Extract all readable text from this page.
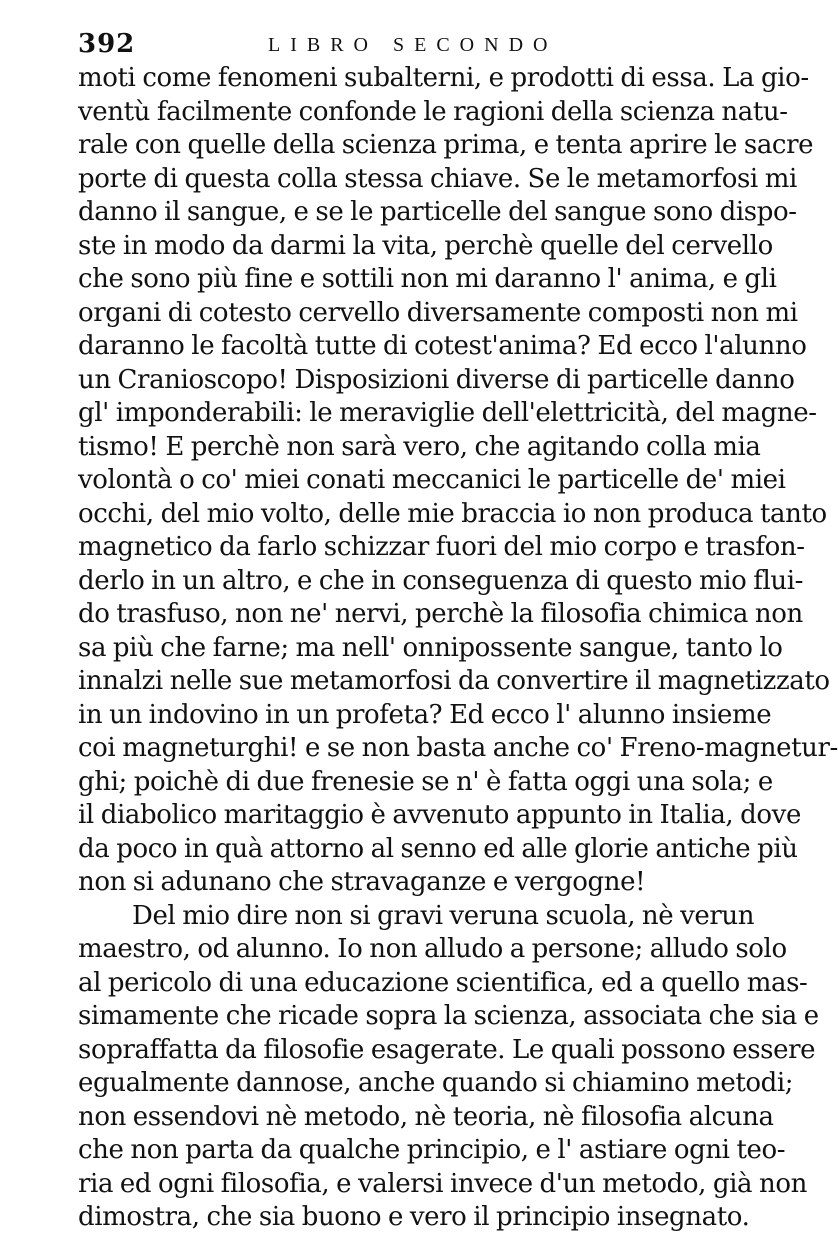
392	LIBRO SECONDO
moti come fenomeni subalterni, e prodotti di essa. La gio-
ventù facilmente confonde le ragioni della scienza natu-
rale con quelle della scienza prima, e tenta aprire le sacre
porte di questa colla stessa chiave. Se le metamorfosi mi
danno il sangue, e se le particelle del sangue sono dispo-
ste in modo da darmi la vita, perchè quelle del cervello
che sono più fine e sottili non mi daranno l' anima, e gli
organi di cotesto cervello diversamente composti non mi
daranno le facoltà tutte di cotest'anima? Ed ecco l'alunno
un Cranioscopo! Disposizioni diverse di particelle danno
gl' imponderabili: le meraviglie dell'elettricità, del magne-
tismo! E perchè non sarà vero, che agitando colla mia
volontà o co' miei conati meccanici le particelle de' miei
occhi, del mio volto, delle mie braccia io non produca tanto
magnetico da farlo schizzar fuori del mio corpo e trasfon-
derlo in un altro, e che in conseguenza di questo mio flui-
do trasfuso, non ne' nervi, perchè la filosofia chimica non
sa più che farne; ma nell' onnipossente sangue, tanto lo
innalzi nelle sue metamorfosi da convertire il magnetizzato
in un indovino in un profeta? Ed ecco l' alunno insieme
coi magneturghi! e se non basta anche co' Freno-magnetur-
ghi; poichè di due frenesie se n' è fatta oggi una sola; e
il diabolico maritaggio è avvenuto appunto in Italia, dove
da poco in quà attorno al senno ed alle glorie antiche più
non si adunano che stravaganze e vergogne!
Del mio dire non si gravi veruna scuola, nè verun
maestro, od alunno. Io non alludo a persone; alludo solo
al pericolo di una educazione scientifica, ed a quello mas-
simamente che ricade sopra la scienza, associata che sia e
sopraffatta da filosofie esagerate. Le quali possono essere
egualmente dannose, anche quando si chiamino metodi;
non essendovi nè metodo, nè teoria, nè filosofia alcuna
che non parta da qualche principio, e l' astiare ogni teo-
ria ed ogni filosofia, e valersi invece d'un metodo, già non
dimostra, che sia buono e vero il principio insegnato.
